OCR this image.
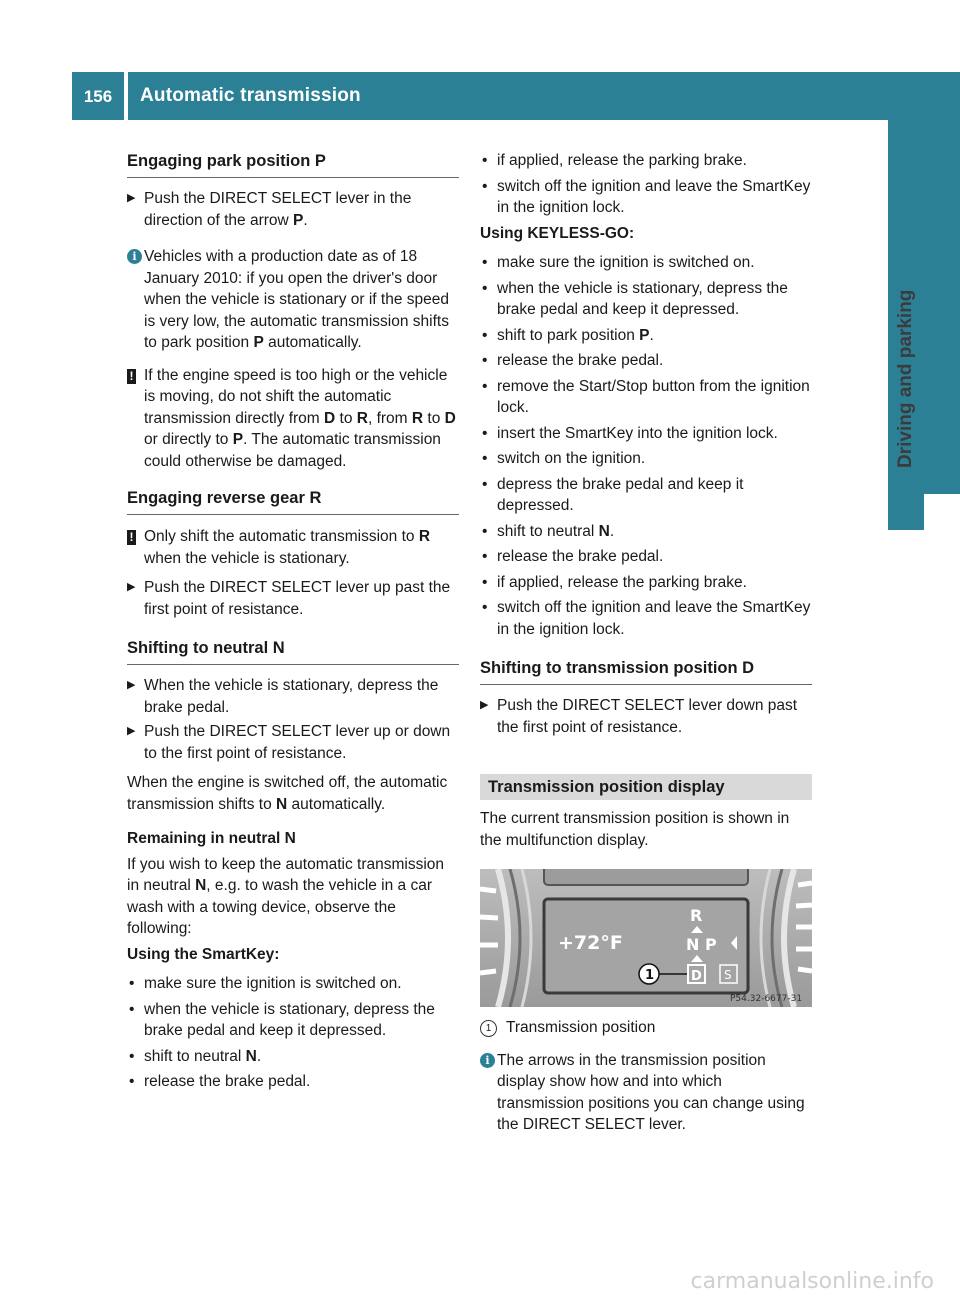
156	Automatic transmission
Driving and parking
Engaging park position P
▶ Push the DIRECT SELECT lever in the direction of the arrow P.
i Vehicles with a production date as of 18 January 2010: if you open the driver's door when the vehicle is stationary or if the speed is very low, the automatic transmission shifts to park position P automatically.
! If the engine speed is too high or the vehicle is moving, do not shift the automatic transmission directly from D to R, from R to D or directly to P. The automatic transmission could otherwise be damaged.
Engaging reverse gear R
! Only shift the automatic transmission to R when the vehicle is stationary.
▶ Push the DIRECT SELECT lever up past the first point of resistance.
Shifting to neutral N
▶ When the vehicle is stationary, depress the brake pedal.
▶ Push the DIRECT SELECT lever up or down to the first point of resistance.

When the engine is switched off, the automatic transmission shifts to N automatically.

Remaining in neutral N

If you wish to keep the automatic transmission in neutral N, e.g. to wash the vehicle in a car wash with a towing device, observe the following:

Using the SmartKey:

• make sure the ignition is switched on.
• when the vehicle is stationary, depress the brake pedal and keep it depressed.
• shift to neutral N.
• release the brake pedal.
• if applied, release the parking brake.
• switch off the ignition and leave the SmartKey in the ignition lock.

Using KEYLESS-GO:

• make sure the ignition is switched on.
• when the vehicle is stationary, depress the brake pedal and keep it depressed.
• shift to park position P.
• release the brake pedal.
• remove the Start/Stop button from the ignition lock.
• insert the SmartKey into the ignition lock.
• switch on the ignition.
• depress the brake pedal and keep it depressed.
• shift to neutral N.
• release the brake pedal.
• if applied, release the parking brake.
• switch off the ignition and leave the SmartKey in the ignition lock.
Shifting to transmission position D
▶ Push the DIRECT SELECT lever down past the first point of resistance.
Transmission position display

The current transmission position is shown in the multifunction display.

+72°F
R
N P
D S
1
P54.32-6677-31
1 Transmission position
i The arrows in the transmission position display show how and into which transmission positions you can change using the DIRECT SELECT lever.
carmanualsonline.info
